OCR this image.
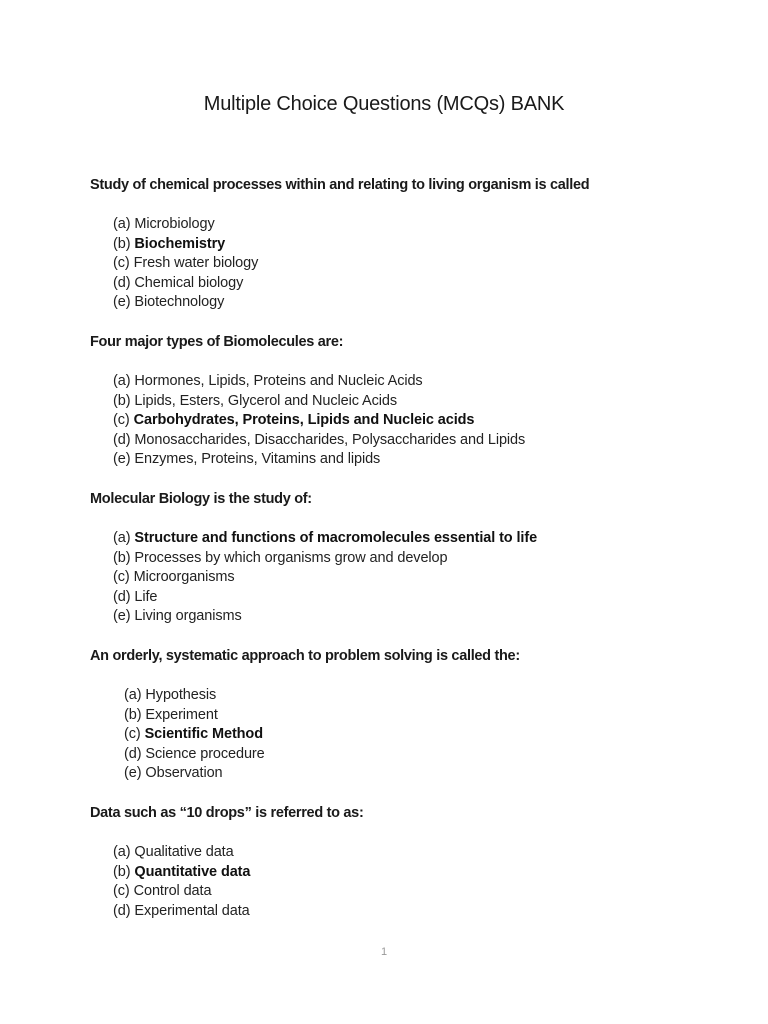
Multiple Choice Questions (MCQs) BANK

Study of chemical processes within and relating to living organism is called

(a) Microbiology
(b) Biochemistry
(c) Fresh water biology
(d) Chemical biology
(e) Biotechnology

Four major types of Biomolecules are:

(a) Hormones, Lipids, Proteins and Nucleic Acids
(b) Lipids, Esters, Glycerol and Nucleic Acids
(c) Carbohydrates, Proteins, Lipids and Nucleic acids
(d) Monosaccharides, Disaccharides, Polysaccharides and Lipids
(e) Enzymes, Proteins, Vitamins and lipids

Molecular Biology is the study of:

(a) Structure and functions of macromolecules essential to life
(b) Processes by which organisms grow and develop
(c) Microorganisms
(d) Life
(e) Living organisms

An orderly, systematic approach to problem solving is called the:

(a) Hypothesis
(b) Experiment
(c) Scientific Method
(d) Science procedure
(e) Observation

Data such as “10 drops” is referred to as:

(a) Qualitative data
(b) Quantitative data
(c) Control data
(d) Experimental data
1
